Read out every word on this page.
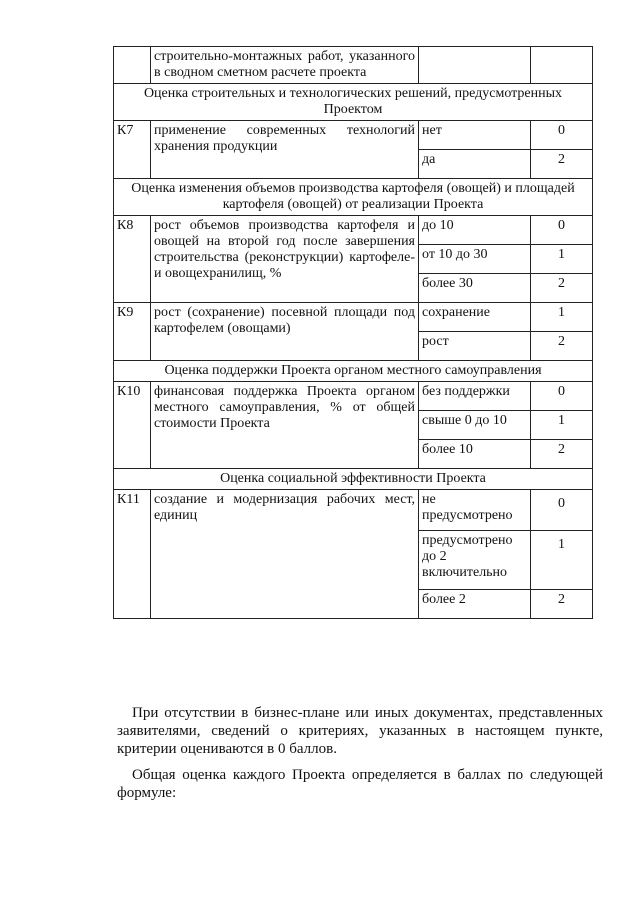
	строительно-монтажных работ, указанного в сводном сметном расчете проекта		
Оценка строительных и технологических решений, предусмотренных Проектом			
К7	применение современных технологий хранения продукции	нет	0
		да	2
Оценка изменения объемов производства картофеля (овощей) и площадей картофеля (овощей) от реализации Проекта			
К8	рост объемов производства картофеля и овощей на второй год после завершения строительства (реконструкции) картофеле- и овощехранилищ, %	до 10	0
		от 10 до 30	1
		более 30	2
К9	рост (сохранение) посевной площади под картофелем (овощами)	сохранение	1
		рост	2
Оценка поддержки Проекта органом местного самоуправления			
К10	финансовая поддержка Проекта органом местного самоуправления, % от общей стоимости Проекта	без поддержки	0
		свыше 0 до 10	1
		более 10	2
Оценка социальной эффективности Проекта			
К11	создание и модернизация рабочих мест, единиц	не предусмотрено	0
		предусмотрено до 2 включительно	1
		более 2	2

При отсутствии в бизнес-плане или иных документах, представленных заявителями, сведений о критериях, указанных в настоящем пункте, критерии оцениваются в 0 баллов.

Общая оценка каждого Проекта определяется в баллах по следующей формуле:
